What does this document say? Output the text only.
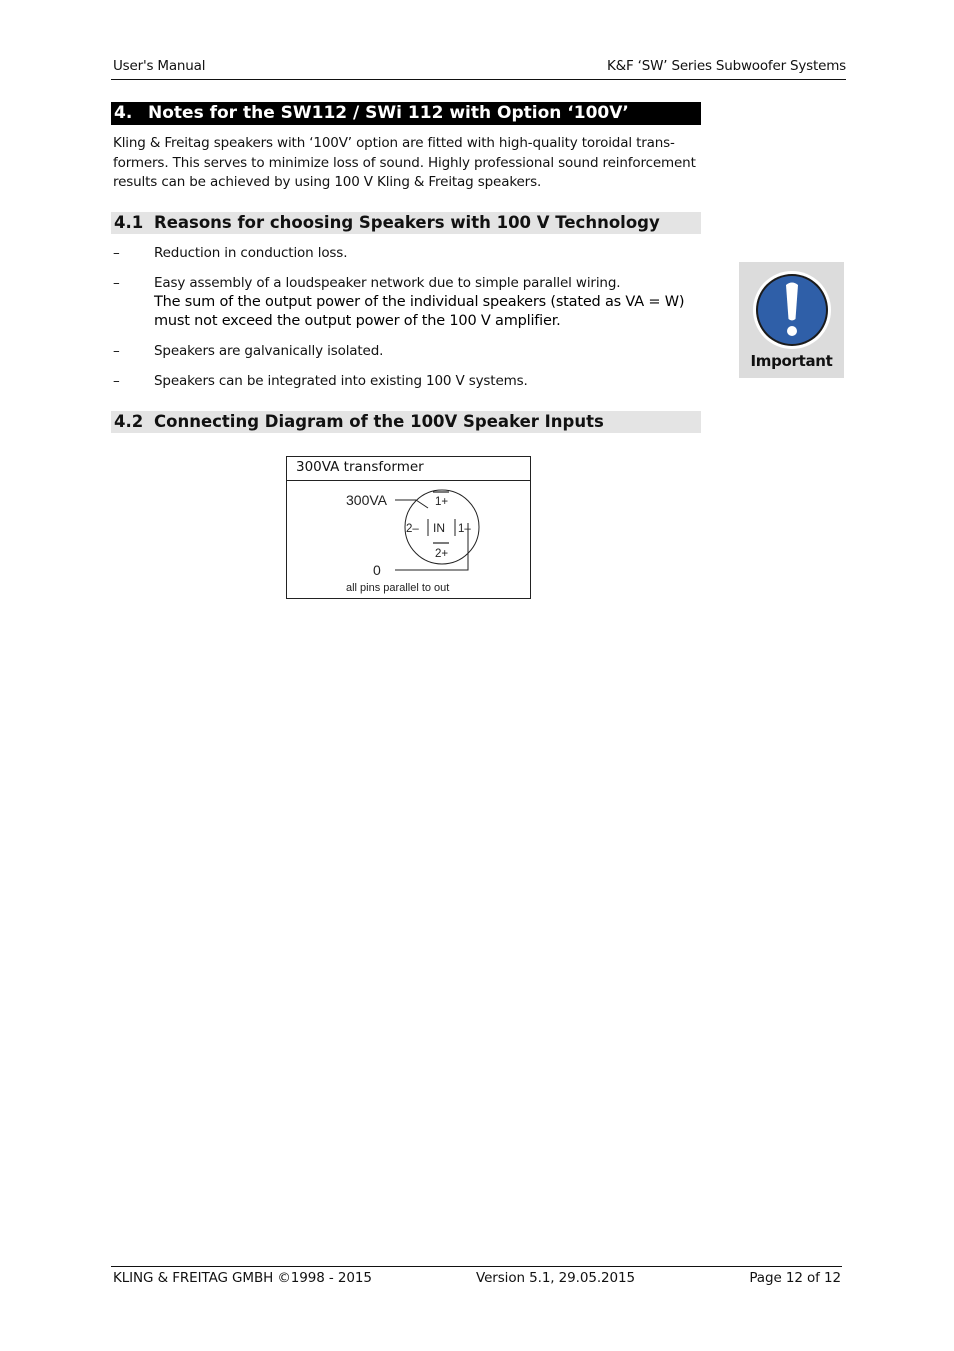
User's Manual	K&F ‘SW’ Series Subwoofer Systems
4. Notes for the SW112 / SWi 112 with Option ‘100V’
Kling & Freitag speakers with ‘100V’ option are fitted with high-quality toroidal trans-
formers. This serves to minimize loss of sound. Highly professional sound reinforcement
results can be achieved by using 100 V Kling & Freitag speakers.
4.1 Reasons for choosing Speakers with 100 V Technology
–	Reduction in conduction loss.
–	Easy assembly of a loudspeaker network due to simple parallel wiring.
The sum of the output power of the individual speakers (stated as VA = W)
must not exceed the output power of the 100 V amplifier.
–	Speakers are galvanically isolated.
–	Speakers can be integrated into existing 100 V systems.
Important
4.2 Connecting Diagram of the 100V Speaker Inputs
300VA transformer
300VA
0
1+
2– IN 1–
2+
all pins parallel to out
KLING & FREITAG GMBH ©1998 - 2015	Version 5.1, 29.05.2015	Page 12 of 12
